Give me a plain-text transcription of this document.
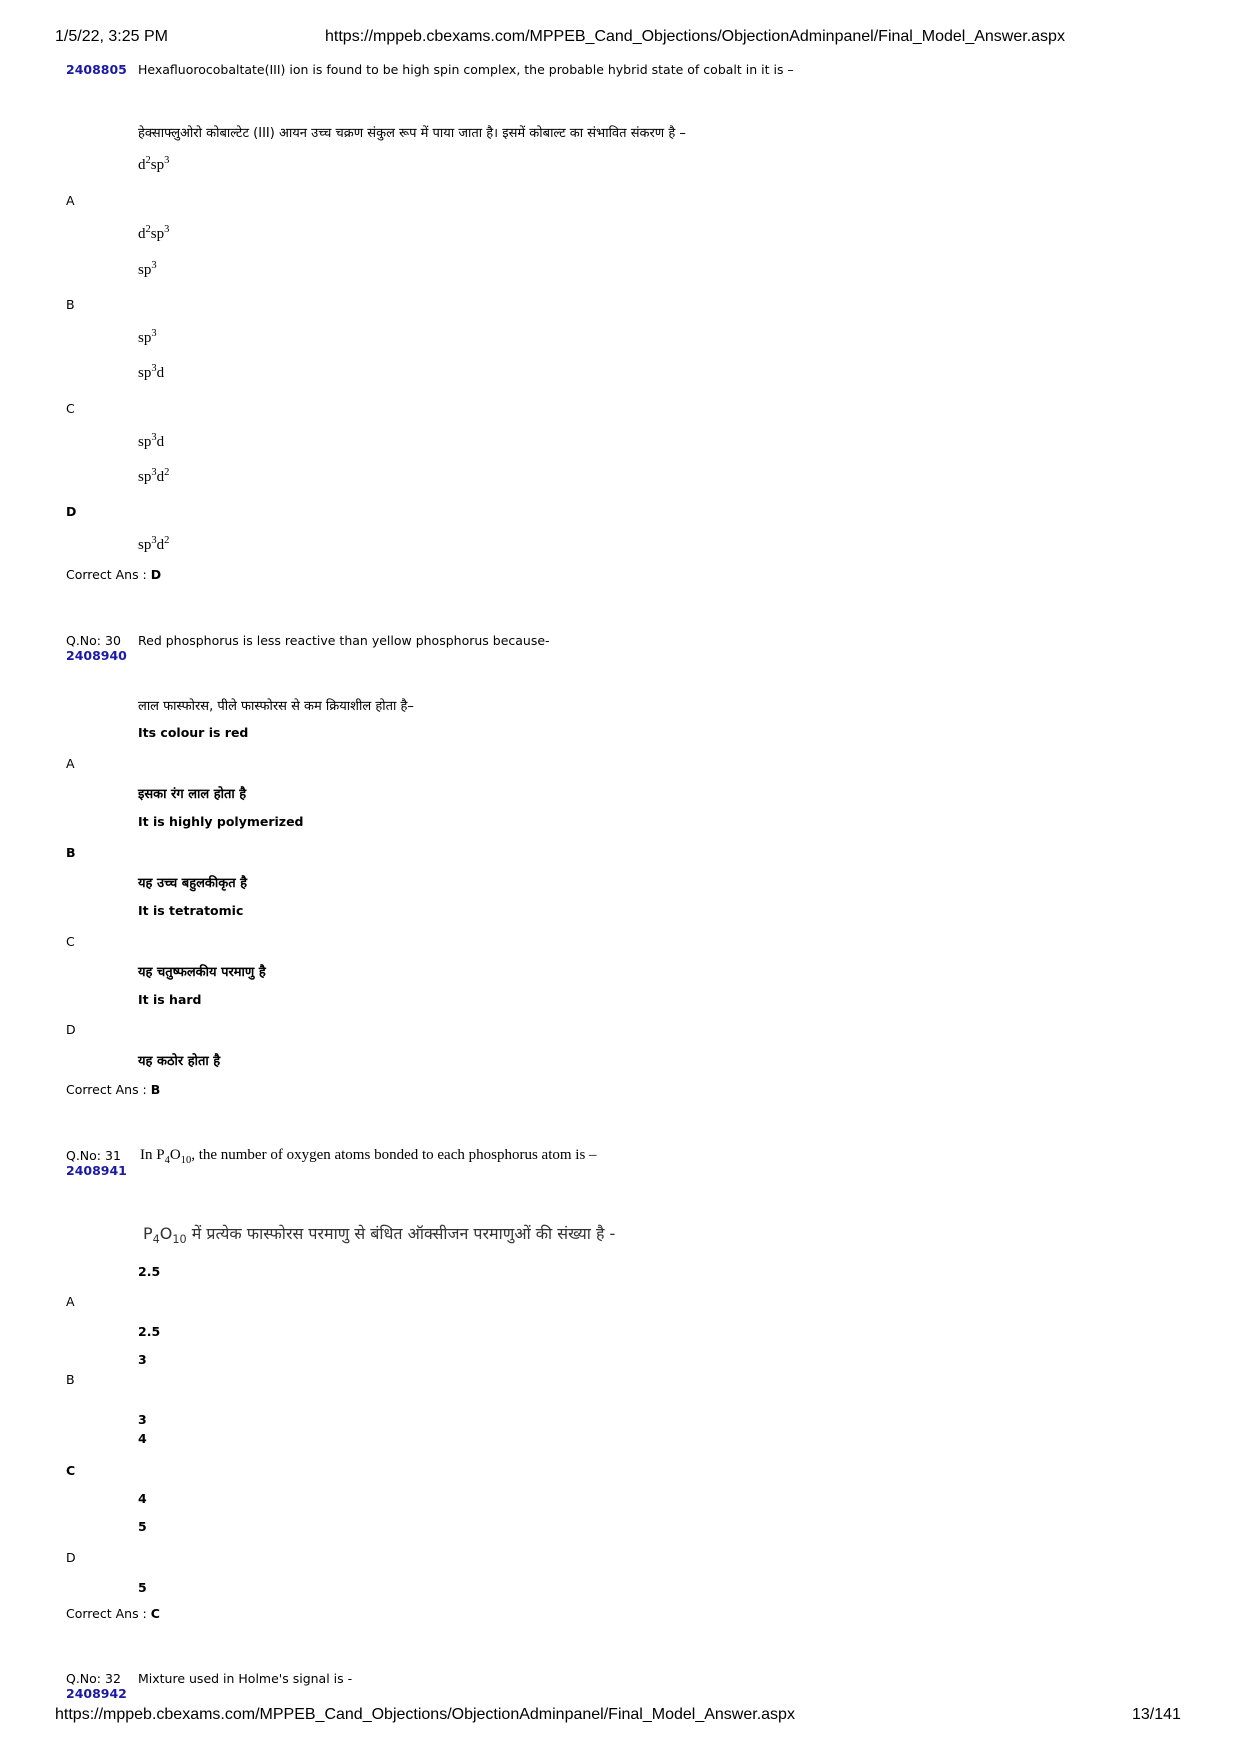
1/5/22, 3:25 PM	https://mppeb.cbexams.com/MPPEB_Cand_Objections/ObjectionAdminpanel/Final_Model_Answer.aspx
2408805 Hexafluorocobaltate(III) ion is found to be high spin complex, the probable hybrid state of cobalt in it is –
हेक्साफ्लुओरो कोबाल्टेट (III) आयन उच्च चक्रण संकुल रूप में पाया जाता है। इसमें कोबाल्ट का संभावित संकरण है –
$d^2sp^3$
A
$d^2sp^3$
$sp^3$
B
$sp^3$
$sp^3d$
C
$sp^3d$
$sp^3d^2$
D
$sp^3d^2$
Correct Ans : D
Q.No: 30
2408940
Red phosphorus is less reactive than yellow phosphorus because-
लाल फास्फोरस, पीले फास्फोरस से कम क्रियाशील होता है–
Its colour is red
A
इसका रंग लाल होता है
It is highly polymerized
B
यह उच्च बहुलकीकृत है
It is tetratomic
C
यह चतुष्फलकीय परमाणु है
It is hard
D
यह कठोर होता है
Correct Ans : B
Q.No: 31
2408941
In $P_4O_{10}$, the number of oxygen atoms bonded to each phosphorus atom is –
$P_4O_{10}$ में प्रत्येक फास्फोरस परमाणु से बंधित ऑक्सीजन परमाणुओं की संख्या है -
2.5
A
2.5
3
B
3
4
C
4
5
D
5
Correct Ans : C
Q.No: 32
2408942
Mixture used in Holme's signal is -
https://mppeb.cbexams.com/MPPEB_Cand_Objections/ObjectionAdminpanel/Final_Model_Answer.aspx	13/141
